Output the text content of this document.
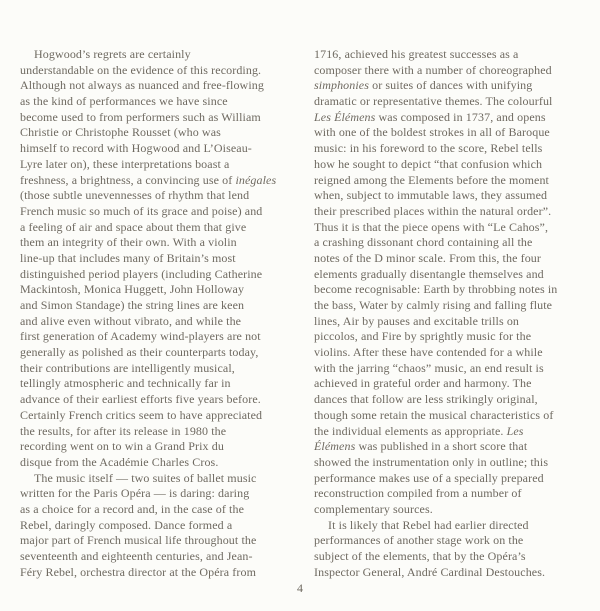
Hogwood’s regrets are certainly
understandable on the evidence of this recording.
Although not always as nuanced and free-flowing
as the kind of performances we have since
become used to from performers such as William
Christie or Christophe Rousset (who was
himself to record with Hogwood and L’Oiseau-
Lyre later on), these interpretations boast a
freshness, a brightness, a convincing use of inégales
(those subtle unevennesses of rhythm that lend
French music so much of its grace and poise) and
a feeling of air and space about them that give
them an integrity of their own. With a violin
line-up that includes many of Britain’s most
distinguished period players (including Catherine
Mackintosh, Monica Huggett, John Holloway
and Simon Standage) the string lines are keen
and alive even without vibrato, and while the
first generation of Academy wind-players are not
generally as polished as their counterparts today,
their contributions are intelligently musical,
tellingly atmospheric and technically far in
advance of their earliest efforts five years before.
Certainly French critics seem to have appreciated
the results, for after its release in 1980 the
recording went on to win a Grand Prix du
disque from the Académie Charles Cros.
The music itself — two suites of ballet music
written for the Paris Opéra — is daring: daring
as a choice for a record and, in the case of the
Rebel, daringly composed. Dance formed a
major part of French musical life throughout the
seventeenth and eighteenth centuries, and Jean-
Féry Rebel, orchestra director at the Opéra from
1716, achieved his greatest successes as a
composer there with a number of choreographed
simphonies or suites of dances with unifying
dramatic or representative themes. The colourful
Les Élémens was composed in 1737, and opens
with one of the boldest strokes in all of Baroque
music: in his foreword to the score, Rebel tells
how he sought to depict “that confusion which
reigned among the Elements before the moment
when, subject to immutable laws, they assumed
their prescribed places within the natural order”.
Thus it is that the piece opens with “Le Cahos”,
a crashing dissonant chord containing all the
notes of the D minor scale. From this, the four
elements gradually disentangle themselves and
become recognisable: Earth by throbbing notes in
the bass, Water by calmly rising and falling flute
lines, Air by pauses and excitable trills on
piccolos, and Fire by sprightly music for the
violins. After these have contended for a while
with the jarring “chaos” music, an end result is
achieved in grateful order and harmony. The
dances that follow are less strikingly original,
though some retain the musical characteristics of
the individual elements as appropriate. Les
Élémens was published in a short score that
showed the instrumentation only in outline; this
performance makes use of a specially prepared
reconstruction compiled from a number of
complementary sources.
It is likely that Rebel had earlier directed
performances of another stage work on the
subject of the elements, that by the Opéra’s
Inspector General, André Cardinal Destouches.
4
